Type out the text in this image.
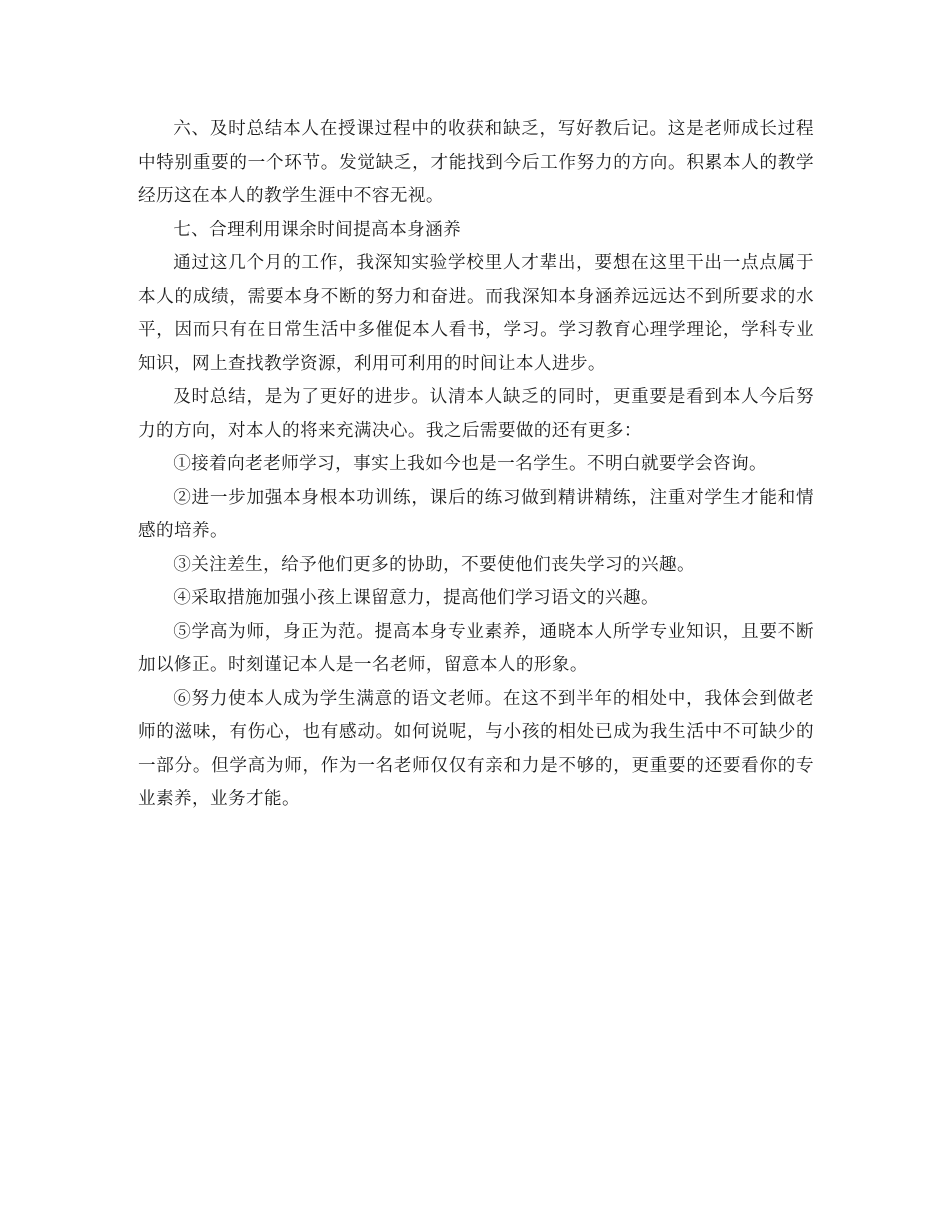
六、及时总结本人在授课过程中的收获和缺乏，写好教后记。这是老师成长过程中特别重要的一个环节。发觉缺乏，才能找到今后工作努力的方向。积累本人的教学经历这在本人的教学生涯中不容无视。

七、合理利用课余时间提高本身涵养

通过这几个月的工作，我深知实验学校里人才辈出，要想在这里干出一点点属于本人的成绩，需要本身不断的努力和奋进。而我深知本身涵养远远达不到所要求的水平，因而只有在日常生活中多催促本人看书，学习。学习教育心理学理论，学科专业知识，网上查找教学资源，利用可利用的时间让本人进步。

及时总结，是为了更好的进步。认清本人缺乏的同时，更重要是看到本人今后努力的方向，对本人的将来充满决心。我之后需要做的还有更多：

①接着向老老师学习，事实上我如今也是一名学生。不明白就要学会咨询。

②进一步加强本身根本功训练，课后的练习做到精讲精练，注重对学生才能和情感的培养。

③关注差生，给予他们更多的协助，不要使他们丧失学习的兴趣。

④采取措施加强小孩上课留意力，提高他们学习语文的兴趣。

⑤学高为师，身正为范。提高本身专业素养，通晓本人所学专业知识，且要不断加以修正。时刻谨记本人是一名老师，留意本人的形象。

⑥努力使本人成为学生满意的语文老师。在这不到半年的相处中，我体会到做老师的滋味，有伤心，也有感动。如何说呢，与小孩的相处已成为我生活中不可缺少的一部分。但学高为师，作为一名老师仅仅有亲和力是不够的，更重要的还要看你的专业素养，业务才能。
